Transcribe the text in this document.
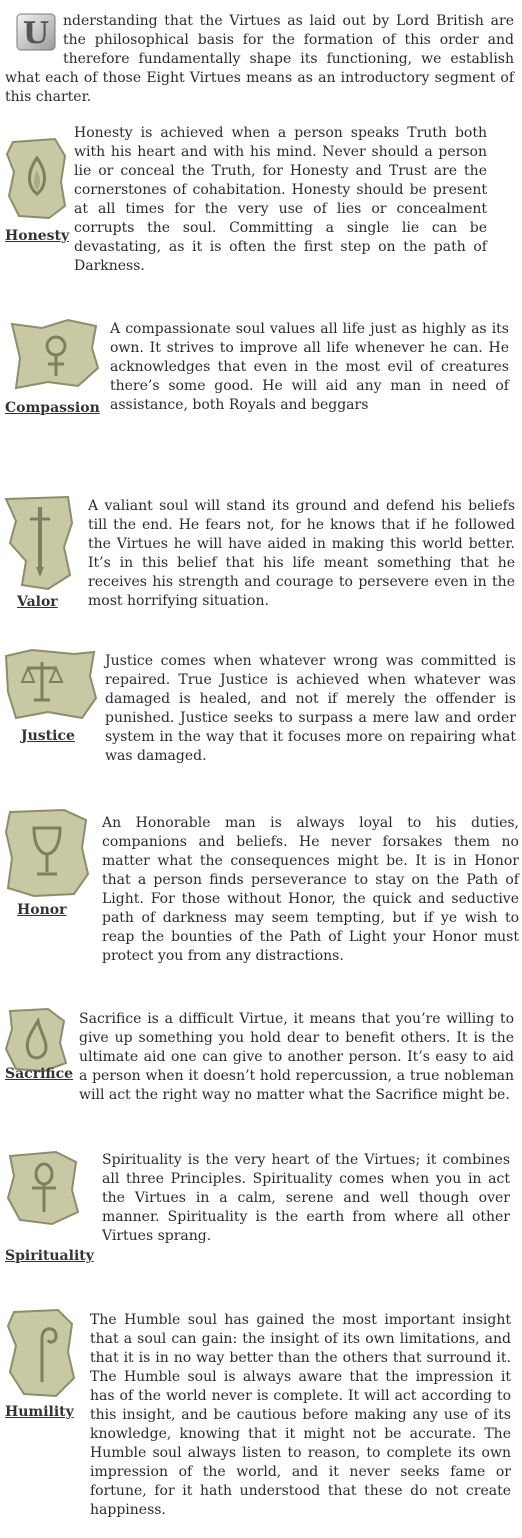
U nderstanding that the Virtues as laid out by Lord British are the philosophical basis for the formation of this order and therefore fundamentally shape its functioning, we establish what each of those Eight Virtues means as an introductory segment of this charter.

Honesty

Honesty is achieved when a person speaks Truth both with his heart and with his mind. Never should a person lie or conceal the Truth, for Honesty and Trust are the cornerstones of cohabitation. Honesty should be present at all times for the very use of lies or concealment corrupts the soul. Committing a single lie can be devastating, as it is often the first step on the path of Darkness.

Compassion

A compassionate soul values all life just as highly as its own. It strives to improve all life whenever he can. He acknowledges that even in the most evil of creatures there’s some good. He will aid any man in need of assistance, both Royals and beggars

Valor

A valiant soul will stand its ground and defend his beliefs till the end. He fears not, for he knows that if he followed the Virtues he will have aided in making this world better. It’s in this belief that his life meant something that he receives his strength and courage to persevere even in the most horrifying situation.

Justice

Justice comes when whatever wrong was committed is repaired. True Justice is achieved when whatever was damaged is healed, and not if merely the offender is punished. Justice seeks to surpass a mere law and order system in the way that it focuses more on repairing what was damaged.

Honor

An Honorable man is always loyal to his duties, companions and beliefs. He never forsakes them no matter what the consequences might be. It is in Honor that a person finds perseverance to stay on the Path of Light. For those without Honor, the quick and seductive path of darkness may seem tempting, but if ye wish to reap the bounties of the Path of Light your Honor must protect you from any distractions.

Sacrifice

Sacrifice is a difficult Virtue, it means that you’re willing to give up something you hold dear to benefit others. It is the ultimate aid one can give to another person. It’s easy to aid a person when it doesn’t hold repercussion, a true nobleman will act the right way no matter what the Sacrifice might be.

Spirituality

Spirituality is the very heart of the Virtues; it combines all three Principles. Spirituality comes when you in act the Virtues in a calm, serene and well though over manner. Spirituality is the earth from where all other Virtues sprang.

Humility

The Humble soul has gained the most important insight that a soul can gain: the insight of its own limitations, and that it is in no way better than the others that surround it. The Humble soul is always aware that the impression it has of the world never is complete. It will act according to this insight, and be cautious before making any use of its knowledge, knowing that it might not be accurate. The Humble soul always listen to reason, to complete its own impression of the world, and it never seeks fame or fortune, for it hath understood that these do not create happiness.
